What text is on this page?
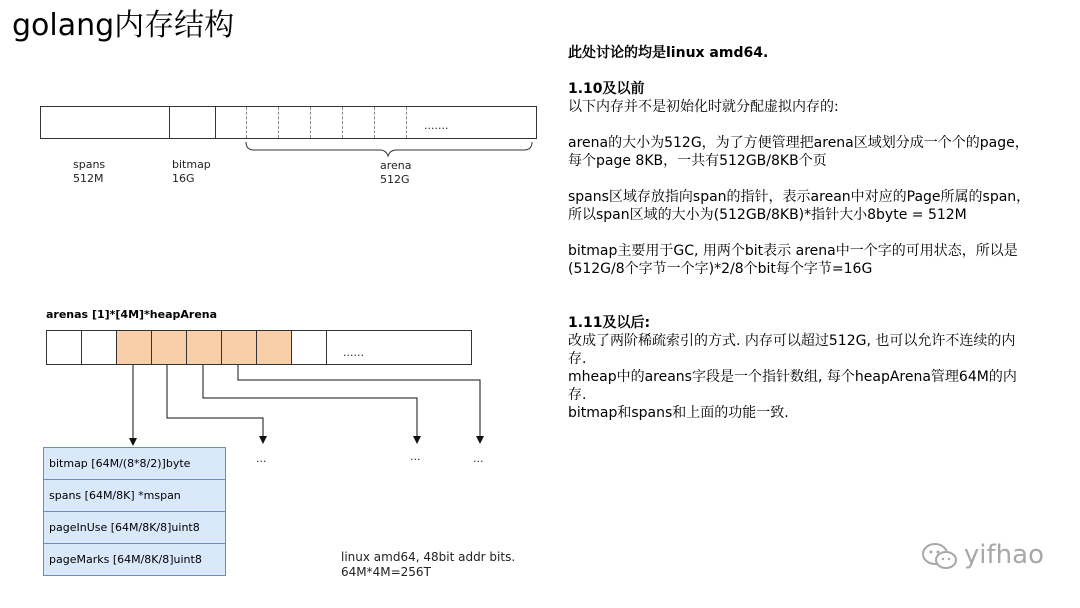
golang内存结构
.......
spans
512M
bitmap
16G
arena
512G
arenas [1]*[4M]*heapArena
......
...	...	...
bitmap [64M/(8*8/2)]byte
spans [64M/8K] *mspan
pageInUse [64M/8K/8]uint8
pageMarks [64M/8K/8]uint8	linux amd64, 48bit addr bits.
64M*4M=256T

此处讨论的均是linux amd64.

1.10及以前

以下内存并不是初始化时就分配虚拟内存的:

arena的大小为512G，为了方便管理把arena区域划分成一个个的page，

每个page 8KB，一共有512GB/8KB个页

spans区域存放指向span的指针，表示arean中对应的Page所属的span，

所以span区域的大小为(512GB/8KB)*指针大小8byte = 512M

bitmap主要用于GC, 用两个bit表示 arena中一个字的可用状态，所以是

(512G/8个字节一个字)*2/8个bit每个字节=16G

1.11及以后:

改成了两阶稀疏索引的方式. 内存可以超过512G, 也可以允许不连续的内

存.

mheap中的areans字段是一个指针数组, 每个heapArena管理64M的内

存.

bitmap和spans和上面的功能一致.

yifhao
